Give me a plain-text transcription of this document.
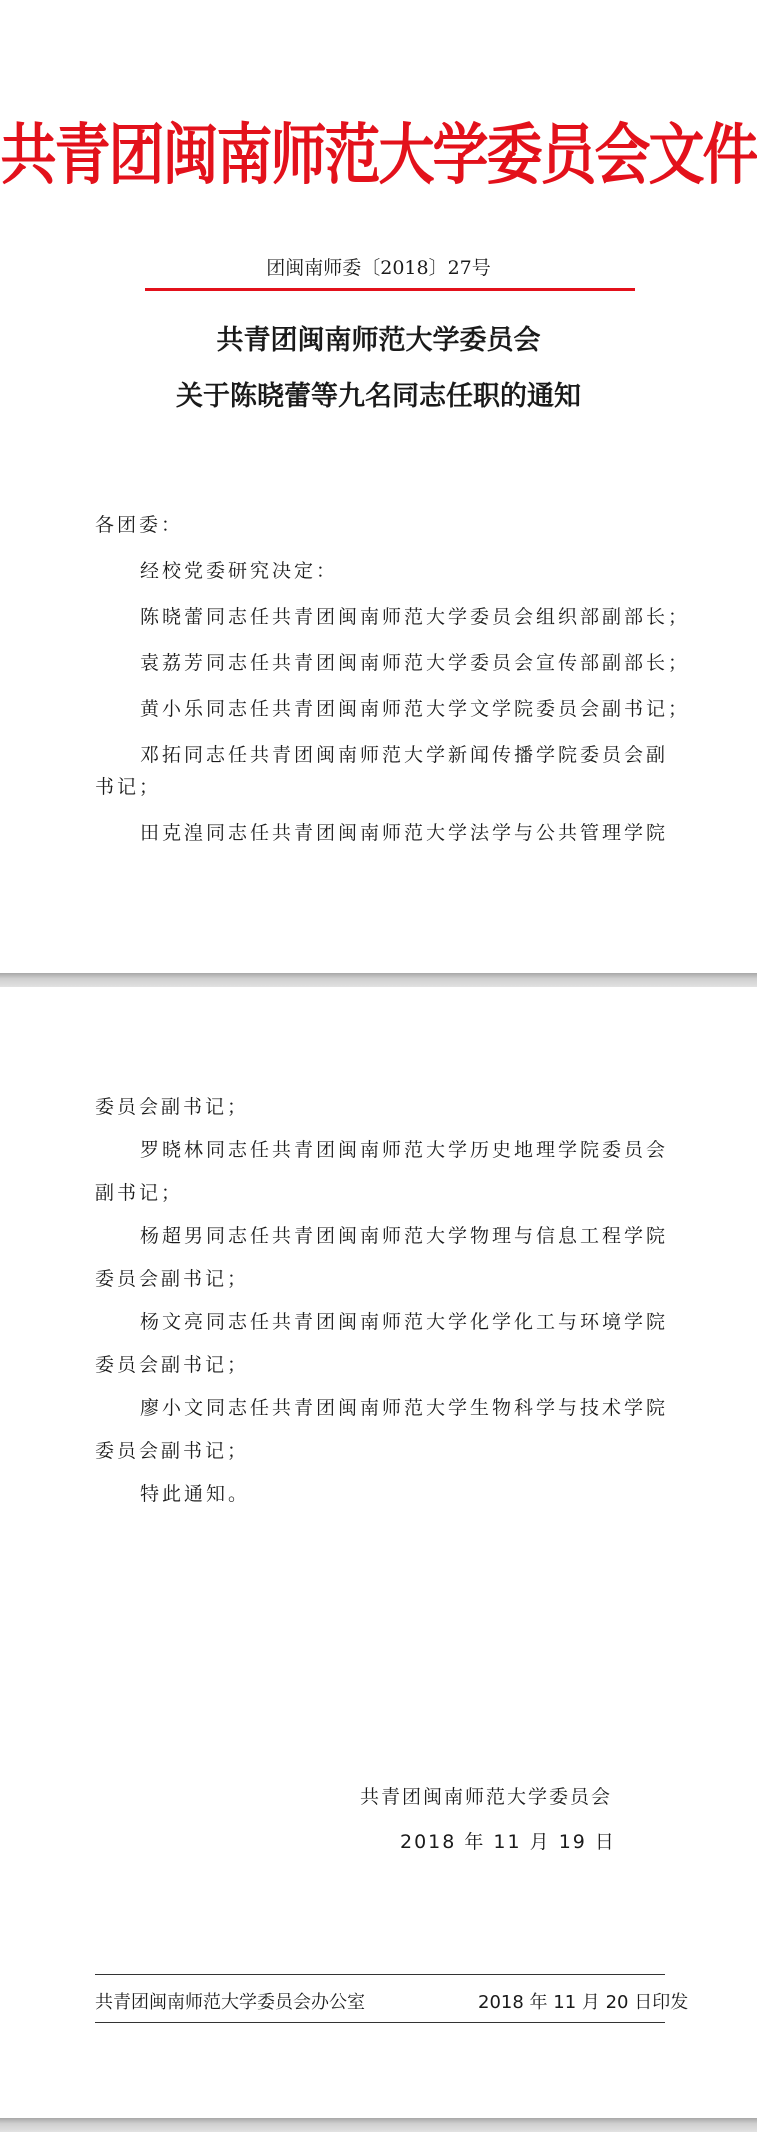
共青团闽南师范大学委员会文件
团闽南师委〔2018〕27号
共青团闽南师范大学委员会
关于陈晓蕾等九名同志任职的通知
各团委：
经校党委研究决定：
陈晓蕾同志任共青团闽南师范大学委员会组织部副部长；
袁荔芳同志任共青团闽南师范大学委员会宣传部副部长；
黄小乐同志任共青团闽南师范大学文学院委员会副书记；
邓拓同志任共青团闽南师范大学新闻传播学院委员会副
书记；
田克湟同志任共青团闽南师范大学法学与公共管理学院
委员会副书记；
罗晓林同志任共青团闽南师范大学历史地理学院委员会
副书记；
杨超男同志任共青团闽南师范大学物理与信息工程学院
委员会副书记；
杨文亮同志任共青团闽南师范大学化学化工与环境学院
委员会副书记；
廖小文同志任共青团闽南师范大学生物科学与技术学院
委员会副书记；
特此通知。
共青团闽南师范大学委员会
2018 年 11 月 19 日
共青团闽南师范大学委员会办公室	2018 年 11 月 20 日印发
